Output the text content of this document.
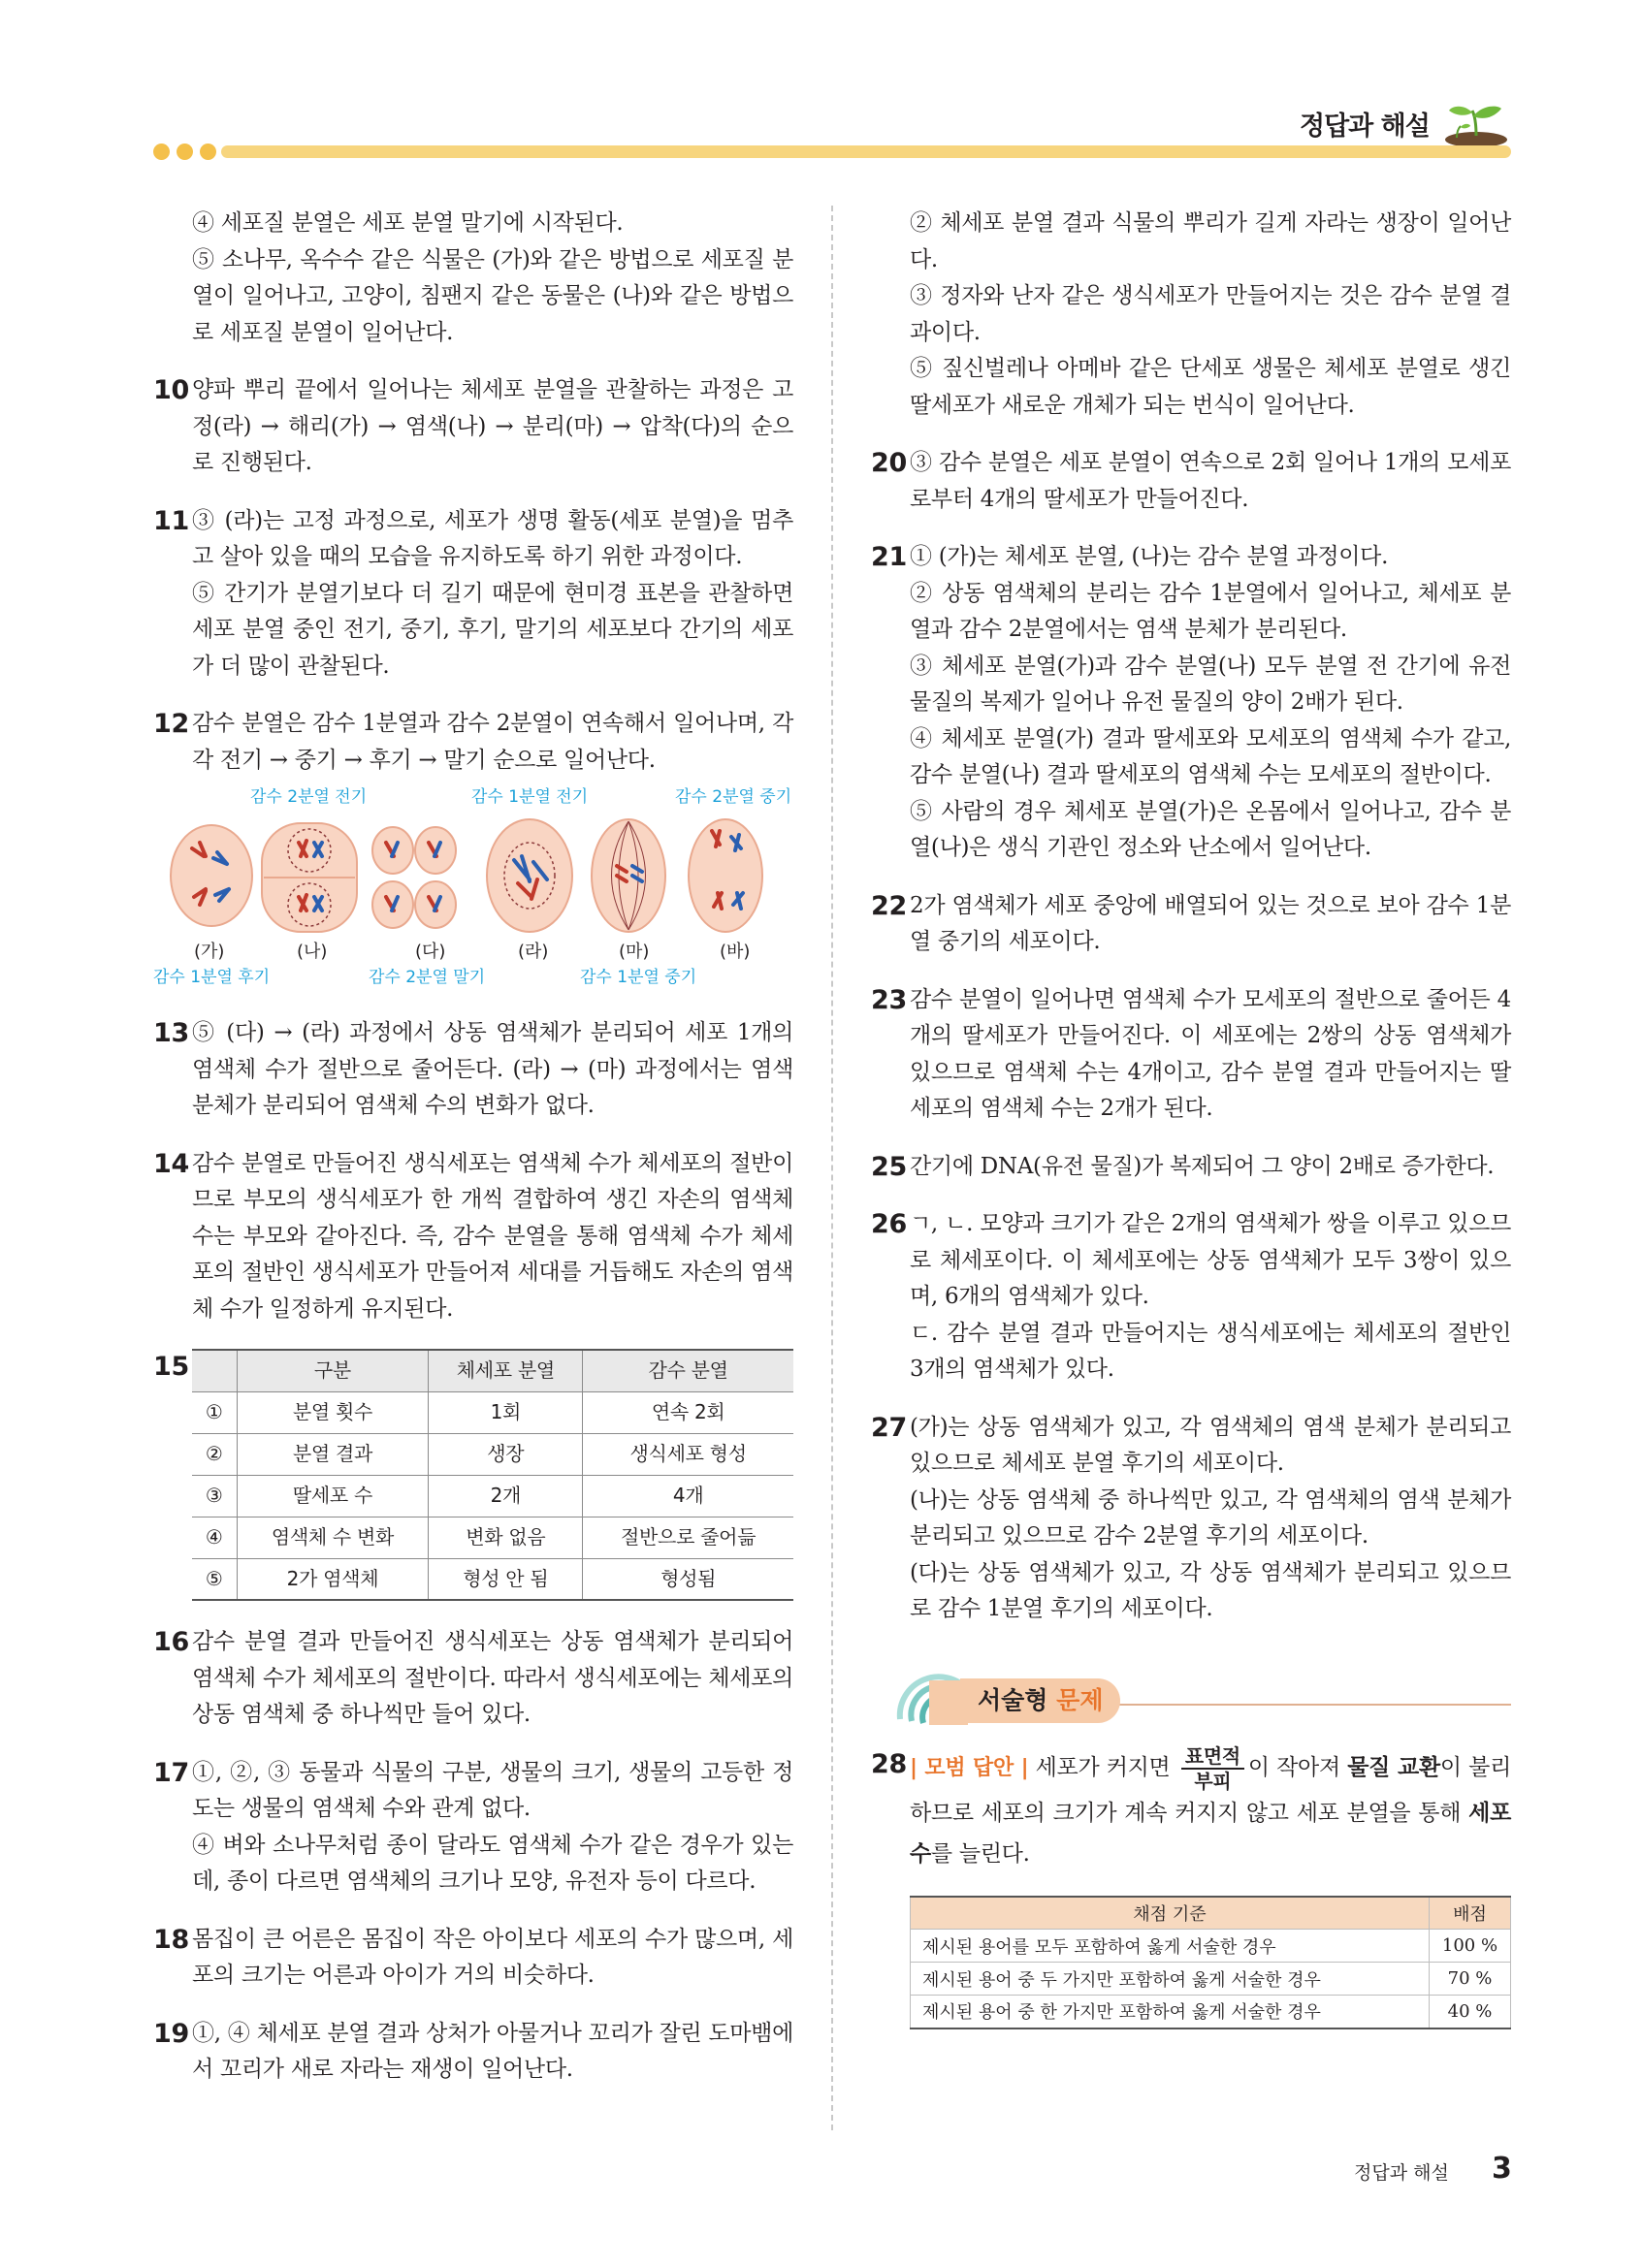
정답과 해설

④ 세포질 분열은 세포 분열 말기에 시작된다.

⑤ 소나무, 옥수수 같은 식물은 (가)와 같은 방법으로 세포질 분열이 일어나고, 고양이, 침팬지 같은 동물은 (나)와 같은 방법으로 세포질 분열이 일어난다.

10 양파 뿌리 끝에서 일어나는 체세포 분열을 관찰하는 과정은 고정(라) → 해리(가) → 염색(나) → 분리(마) → 압착(다)의 순으로 진행된다.

11 ③ (라)는 고정 과정으로, 세포가 생명 활동(세포 분열)을 멈추고 살아 있을 때의 모습을 유지하도록 하기 위한 과정이다.

⑤ 간기가 분열기보다 더 길기 때문에 현미경 표본을 관찰하면 세포 분열 중인 전기, 중기, 후기, 말기의 세포보다 간기의 세포가 더 많이 관찰된다.

12 감수 분열은 감수 1분열과 감수 2분열이 연속해서 일어나며, 각각 전기 → 중기 → 후기 → 말기 순으로 일어난다.

감수 2분열 전기	감수 1분열 전기	감수 2분열 중기
(가)	(나)	(다)	(라)	(마)	(바)
감수 1분열 후기	감수 2분열 말기	감수 1분열 중기
13 ⑤ (다) → (라) 과정에서 상동 염색체가 분리되어 세포 1개의 염색체 수가 절반으로 줄어든다. (라) → (마) 과정에서는 염색 분체가 분리되어 염색체 수의 변화가 없다.

14 감수 분열로 만들어진 생식세포는 염색체 수가 체세포의 절반이므로 부모의 생식세포가 한 개씩 결합하여 생긴 자손의 염색체 수는 부모와 같아진다. 즉, 감수 분열을 통해 염색체 수가 체세포의 절반인 생식세포가 만들어져 세대를 거듭해도 자손의 염색체 수가 일정하게 유지된다.

15
		구분	체세포 분열	감수 분열
①	분열 횟수	1회	연속 2회
②	분열 결과	생장	생식세포 형성
③	딸세포 수	2개	4개
④	염색체 수 변화	변화 없음	절반으로 줄어듦
⑤	2가 염색체	형성 안 됨	형성됨
16 감수 분열 결과 만들어진 생식세포는 상동 염색체가 분리되어 염색체 수가 체세포의 절반이다. 따라서 생식세포에는 체세포의 상동 염색체 중 하나씩만 들어 있다.

17 ①, ②, ③ 동물과 식물의 구분, 생물의 크기, 생물의 고등한 정도는 생물의 염색체 수와 관계 없다.

④ 벼와 소나무처럼 종이 달라도 염색체 수가 같은 경우가 있는데, 종이 다르면 염색체의 크기나 모양, 유전자 등이 다르다.

18 몸집이 큰 어른은 몸집이 작은 아이보다 세포의 수가 많으며, 세포의 크기는 어른과 아이가 거의 비슷하다.

19 ①, ④ 체세포 분열 결과 상처가 아물거나 꼬리가 잘린 도마뱀에서 꼬리가 새로 자라는 재생이 일어난다.

② 체세포 분열 결과 식물의 뿌리가 길게 자라는 생장이 일어난다.

③ 정자와 난자 같은 생식세포가 만들어지는 것은 감수 분열 결과이다.

⑤ 짚신벌레나 아메바 같은 단세포 생물은 체세포 분열로 생긴 딸세포가 새로운 개체가 되는 번식이 일어난다.

20 ③ 감수 분열은 세포 분열이 연속으로 2회 일어나 1개의 모세포로부터 4개의 딸세포가 만들어진다.

21 ① (가)는 체세포 분열, (나)는 감수 분열 과정이다.

② 상동 염색체의 분리는 감수 1분열에서 일어나고, 체세포 분열과 감수 2분열에서는 염색 분체가 분리된다.

③ 체세포 분열(가)과 감수 분열(나) 모두 분열 전 간기에 유전 물질의 복제가 일어나 유전 물질의 양이 2배가 된다.

④ 체세포 분열(가) 결과 딸세포와 모세포의 염색체 수가 같고, 감수 분열(나) 결과 딸세포의 염색체 수는 모세포의 절반이다.

⑤ 사람의 경우 체세포 분열(가)은 온몸에서 일어나고, 감수 분열(나)은 생식 기관인 정소와 난소에서 일어난다.

22 2가 염색체가 세포 중앙에 배열되어 있는 것으로 보아 감수 1분열 중기의 세포이다.

23 감수 분열이 일어나면 염색체 수가 모세포의 절반으로 줄어든 4개의 딸세포가 만들어진다. 이 세포에는 2쌍의 상동 염색체가 있으므로 염색체 수는 4개이고, 감수 분열 결과 만들어지는 딸세포의 염색체 수는 2개가 된다.

25 간기에 DNA(유전 물질)가 복제되어 그 양이 2배로 증가한다.

26 ㄱ, ㄴ. 모양과 크기가 같은 2개의 염색체가 쌍을 이루고 있으므로 체세포이다. 이 체세포에는 상동 염색체가 모두 3쌍이 있으며, 6개의 염색체가 있다.

ㄷ. 감수 분열 결과 만들어지는 생식세포에는 체세포의 절반인 3개의 염색체가 있다.

27 (가)는 상동 염색체가 있고, 각 염색체의 염색 분체가 분리되고 있으므로 체세포 분열 후기의 세포이다.

(나)는 상동 염색체 중 하나씩만 있고, 각 염색체의 염색 분체가 분리되고 있으므로 감수 2분열 후기의 세포이다.

(다)는 상동 염색체가 있고, 각 상동 염색체가 분리되고 있으므로 감수 1분열 후기의 세포이다.

서술형 문제
28 | 모범 답안 | 세포가 커지면 $\frac{\text{표면적}}{\text{부피}}$ 이 작아져 물질 교환이 불리하므로 세포의 크기가 계속 커지지 않고 세포 분열을 통해 세포 수를 늘린다.

채점 기준	배점
제시된 용어를 모두 포함하여 옳게 서술한 경우	100 %
제시된 용어 중 두 가지만 포함하여 옳게 서술한 경우	70 %
제시된 용어 중 한 가지만 포함하여 옳게 서술한 경우	40 %
정답과 해설 3
